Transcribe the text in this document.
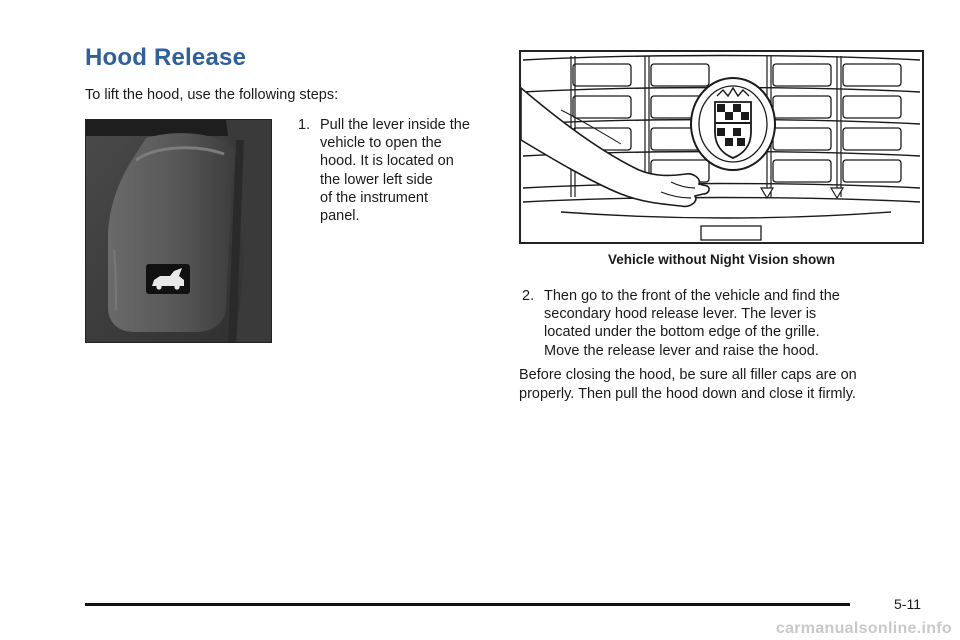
Hood Release

To lift the hood, use the following steps:

1. Pull the lever inside the
vehicle to open the
hood. It is located on
the lower left side
of the instrument
panel.

Vehicle without Night Vision shown

2. Then go to the front of the vehicle and find the
secondary hood release lever. The lever is
located under the bottom edge of the grille.
Move the release lever and raise the hood.

Before closing the hood, be sure all filler caps are on
properly. Then pull the hood down and close it firmly.

5-11

carmanualsonline.info
